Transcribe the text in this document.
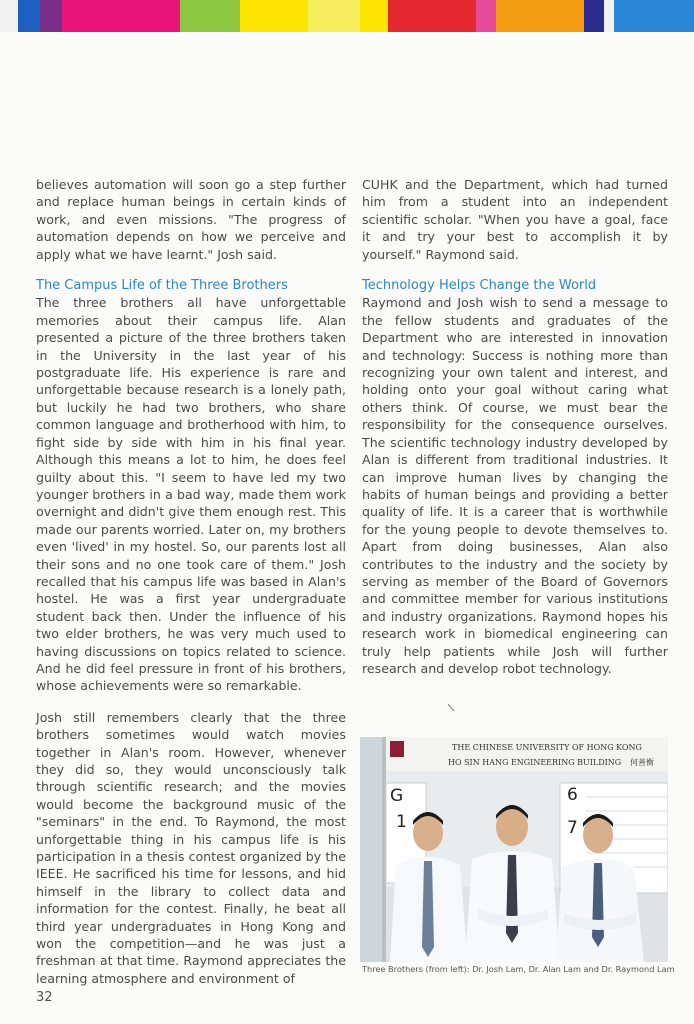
believes automation will soon go a step further and replace human beings in certain kinds of work, and even missions. "The progress of automation depends on how we perceive and apply what we have learnt." Josh said.

The Campus Life of the Three Brothers

The three brothers all have unforgettable memories about their campus life. Alan presented a picture of the three brothers taken in the University in the last year of his postgraduate life. His experience is rare and unforgettable because research is a lonely path, but luckily he had two brothers, who share common language and brotherhood with him, to fight side by side with him in his final year. Although this means a lot to him, he does feel guilty about this. "I seem to have led my two younger brothers in a bad way, made them work overnight and didn't give them enough rest. This made our parents worried. Later on, my brothers even 'lived' in my hostel. So, our parents lost all their sons and no one took care of them." Josh recalled that his campus life was based in Alan's hostel. He was a first year undergraduate student back then. Under the influence of his two elder brothers, he was very much used to having discussions on topics related to science. And he did feel pressure in front of his brothers, whose achievements were so remarkable.

Josh still remembers clearly that the three brothers sometimes would watch movies together in Alan's room. However, whenever they did so, they would unconsciously talk through scientific research; and the movies would become the background music of the "seminars" in the end. To Raymond, the most unforgettable thing in his campus life is his participation in a thesis contest organized by the IEEE. He sacrificed his time for lessons, and hid himself in the library to collect data and information for the contest. Finally, he beat all third year undergraduates in Hong Kong and won the competition—and he was just a freshman at that time. Raymond appreciates the learning atmosphere and environment of

CUHK and the Department, which had turned him from a student into an independent scientific scholar. "When you have a goal, face it and try your best to accomplish it by yourself." Raymond said.

Technology Helps Change the World

Raymond and Josh wish to send a message to the fellow students and graduates of the Department who are interested in innovation and technology: Success is nothing more than recognizing your own talent and interest, and holding onto your goal without caring what others think. Of course, we must bear the responsibility for the consequence ourselves. The scientific technology industry developed by Alan is different from traditional industries. It can improve human lives by changing the habits of human beings and providing a better quality of life. It is a career that is worthwhile for the young people to devote themselves to. Apart from doing businesses, Alan also contributes to the industry and the society by serving as member of the Board of Governors and committee member for various institutions and industry organizations. Raymond hopes his research work in biomedical engineering can truly help patients while Josh will further research and develop robot technology.

THE CHINESE UNIVERSITY OF HONG KONG
HO SIN HANG ENGINEERING BUILDING 何善衡
G
1
6
7
Three Brothers (from left): Dr. Josh Lam, Dr. Alan Lam and Dr. Raymond Lam
32
